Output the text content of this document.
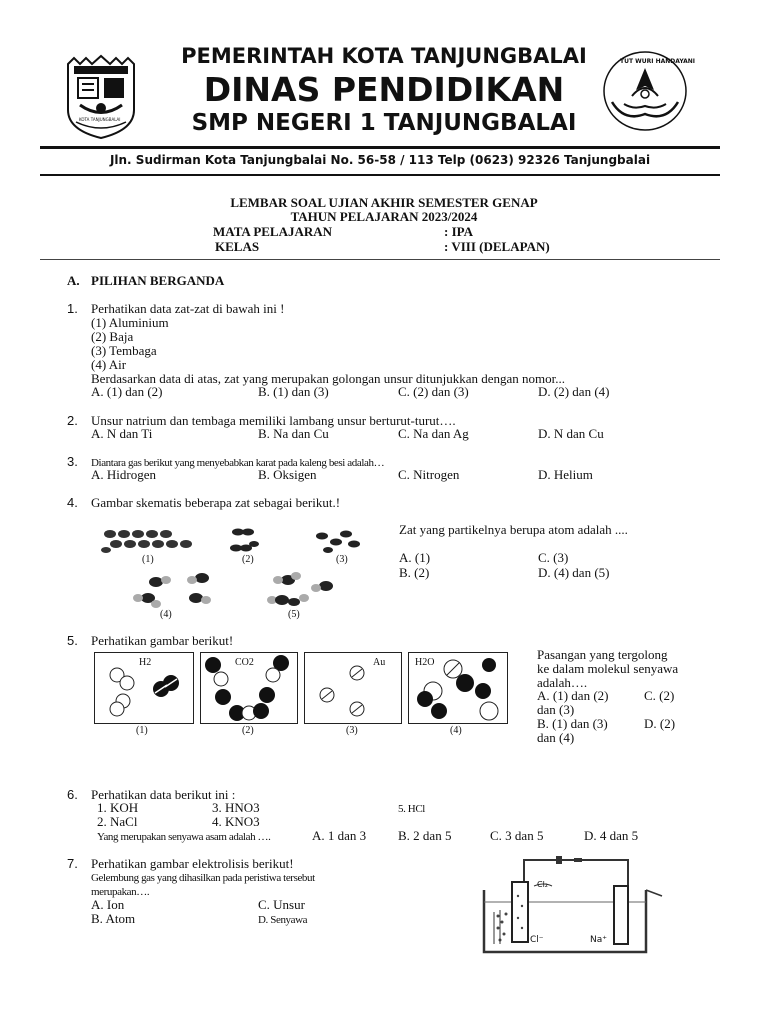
KOTA TANJUNGBALAI
PEMERINTAH KOTA TANJUNGBALAI
DINAS PENDIDIKAN
SMP NEGERI 1 TANJUNGBALAI
TUT WURI HANDAYANI
Jln. Sudirman Kota Tanjungbalai No. 56-58 / 113 Telp (0623) 92326 Tanjungbalai
LEMBAR SOAL UJIAN AKHIR SEMESTER GENAP
TAHUN PELAJARAN 2023/2024
MATA PELAJARAN	: IPA
KELAS	: VIII (DELAPAN)
A. PILIHAN BERGANDA
1. Perhatikan data zat-zat di bawah ini !
(1) Aluminium
(2) Baja
(3) Tembaga
(4) Air
Berdasarkan data di atas, zat yang merupakan golongan unsur ditunjukkan dengan nomor...
A. (1) dan (2)	B. (1) dan (3)	C. (2) dan (3)	D. (2) dan (4)
2. Unsur natrium dan tembaga memiliki lambang unsur berturut-turut….
A. N dan Ti	B. Na dan Cu	C. Na dan Ag	D. N dan Cu
3. Diantara gas berikut yang menyebabkan karat pada kaleng besi adalah…
A. Hidrogen	B. Oksigen	C. Nitrogen	D. Helium
4. Gambar skematis beberapa zat sebagai berikut.!
(1)	(2)	(3)
(4)	(5)
Zat yang partikelnya berupa atom adalah ....
A. (1)	C. (3)
B. (2)	D. (4) dan (5)
5. Perhatikan gambar berikut!
H2	CO2	Au	H2O
(1)	(2)	(3)	(4)
Pasangan yang tergolong
ke dalam molekul senyawa
adalah….
A. (1) dan (2)	C. (2)
dan (3)
B. (1) dan (3)	D. (2)
dan (4)
6. Perhatikan data berikut ini :
1. KOH	3. HNO3	5. HCl
2. NaCl	4. KNO3
Yang merupakan senyawa asam adalah ….	A. 1 dan 3 B. 2 dan 5	C. 3 dan 5	D. 4 dan 5
7. Perhatikan gambar elektrolisis berikut!
Gelembung gas yang dihasilkan pada peristiwa tersebut
merupakan….
A. Ion	C. Unsur
B. Atom	D. Senyawa
Cl₂
Cl⁻	Na⁺
